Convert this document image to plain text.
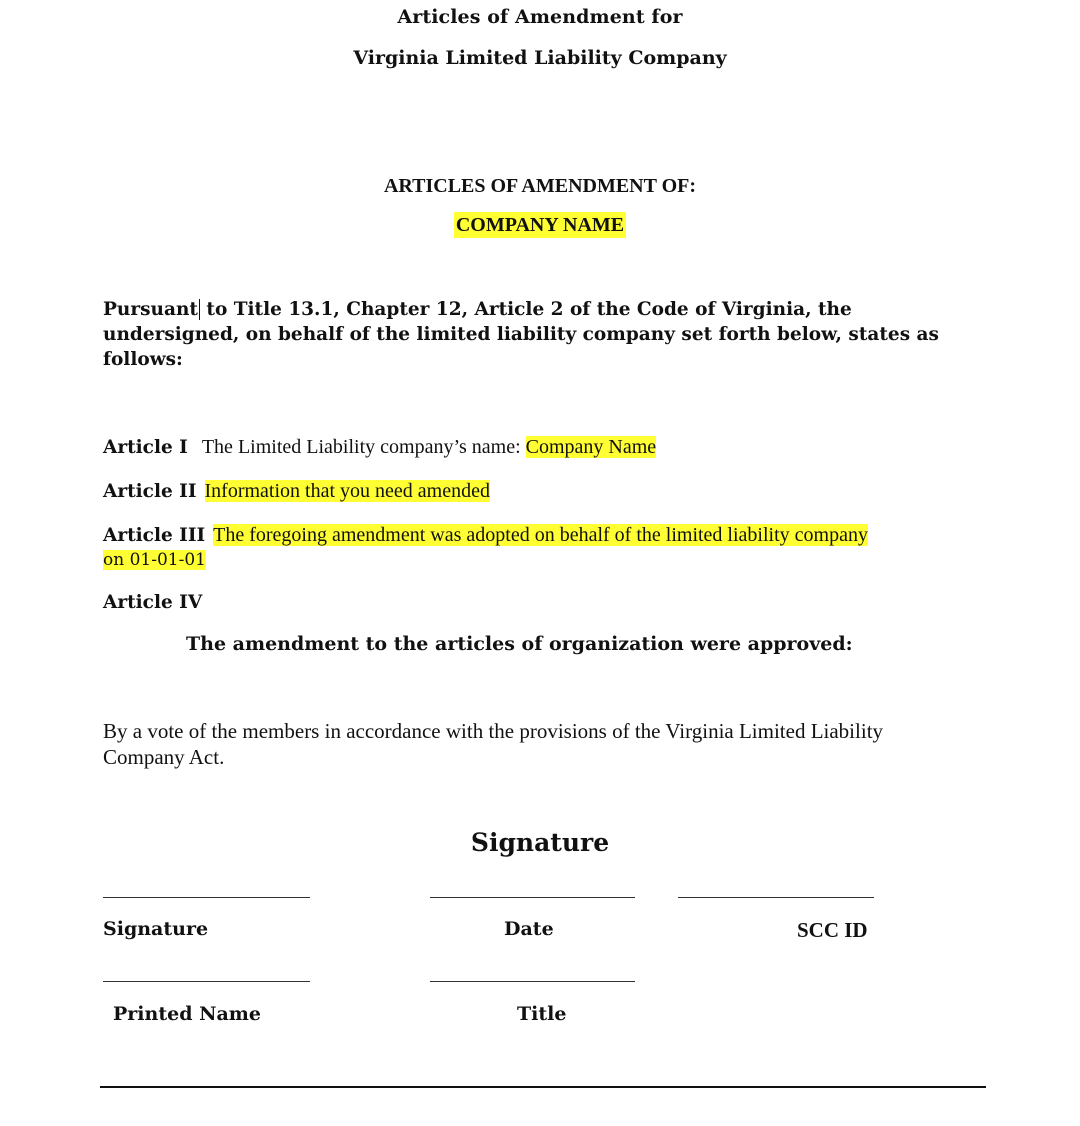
Articles of Amendment for
Virginia Limited Liability Company
ARTICLES OF AMENDMENT OF:
COMPANY NAME
Pursuant to Title 13.1, Chapter 12, Article 2 of the Code of Virginia, the undersigned, on behalf of the limited liability company set forth below, states as follows:
Article I The Limited Liability company’s name: Company Name
Article II Information that you need amended
Article III The foregoing amendment was adopted on behalf of the limited liability company
on 01-01-01
Article IV
The amendment to the articles of organization were approved:
By a vote of the members in accordance with the provisions of the Virginia Limited Liability Company Act.
Signature
Signature	Date	SCC ID
Printed Name	Title
